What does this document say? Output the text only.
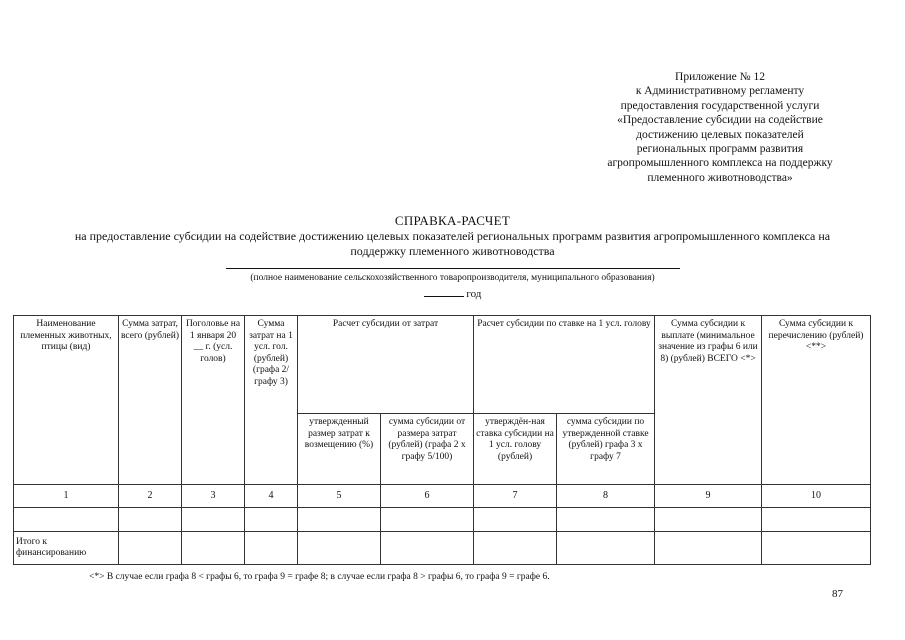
Приложение № 12
к Административному регламенту
предоставления государственной услуги
«Предоставление субсидии на содействие
достижению целевых показателей
региональных программ развития
агропромышленного комплекса на поддержку
племенного животноводства»
СПРАВКА-РАСЧЕТ
на предоставление субсидии на содействие достижению целевых показателей региональных программ развития агропромышленного комплекса на поддержку племенного животноводства
(полное наименование сельскохозяйственного товаропроизводителя, муниципального образования)
год
Наименование племенных животных, птицы (вид)	Сумма затрат, всего (рублей)	Поголовье на 1 января 20 __ г. (усл. голов)	Сумма затрат на 1 усл. гол. (рублей) (графа 2/графу 3)	Расчет субсидии от затрат		Расчет субсидии по ставке на 1 усл. голову		Сумма субсидии к выплате (минимальное значение из графы 6 или 8) (рублей) ВСЕГО <*>	Сумма субсидии к перечислению (рублей) <**>
				утвержденный размер затрат к возмещению (%)	сумма субсидии от размера затрат (рублей) (графа 2 x графу 5/100)	утверждён-ная ставка субсидии на 1 усл. голову (рублей)	сумма субсидии по утвержденной ставке (рублей) графа 3 x графу 7		
1	2	3	4	5	6	7	8	9	10

Итого к финансированию									
<*> В случае если графа 8 < графы 6, то графа 9 = графе 8; в случае если графа 8 > графы 6, то графа 9 = графе 6.
87
